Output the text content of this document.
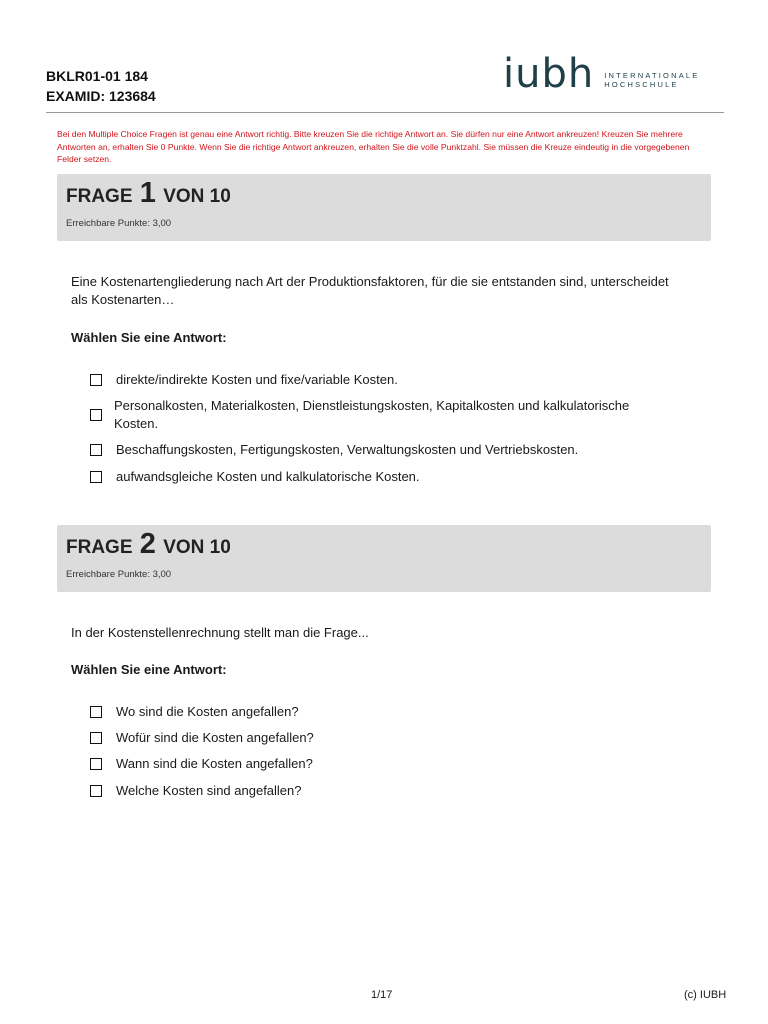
BKLR01-01 184
EXAMID: 123684	iubh INTERNATIONALE
HOCHSCHULE
Bei den Multiple Choice Fragen ist genau eine Antwort richtig. Bitte kreuzen Sie die richtige Antwort an. Sie dürfen nur eine Antwort ankreuzen! Kreuzen Sie mehrere Antworten an, erhalten Sie 0 Punkte. Wenn Sie die richtige Antwort ankreuzen, erhalten Sie die volle Punktzahl. Sie müssen die Kreuze eindeutig in die vorgegebenen Felder setzen.
FRAGE 1 VON 10
Erreichbare Punkte: 3,00
Eine Kostenartengliederung nach Art der Produktionsfaktoren, für die sie entstanden sind, unterscheidet als Kostenarten…
Wählen Sie eine Antwort:
direkte/indirekte Kosten und fixe/variable Kosten.
Personalkosten, Materialkosten, Dienstleistungskosten, Kapitalkosten und kalkulatorische Kosten.
Beschaffungskosten, Fertigungskosten, Verwaltungskosten und Vertriebskosten.
aufwandsgleiche Kosten und kalkulatorische Kosten.
FRAGE 2 VON 10
Erreichbare Punkte: 3,00
In der Kostenstellenrechnung stellt man die Frage...
Wählen Sie eine Antwort:
Wo sind die Kosten angefallen?
Wofür sind die Kosten angefallen?
Wann sind die Kosten angefallen?
Welche Kosten sind angefallen?
1/17	(c) IUBH
